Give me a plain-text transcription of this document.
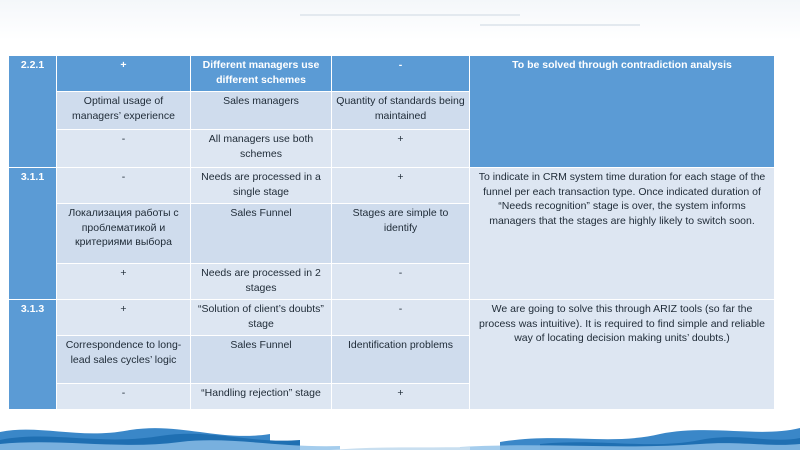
2.2.1	+	Different managers use different schemes	-	To be solved through contradiction analysis
	Optimal usage of managers’ experience	Sales managers	Quantity of standards being maintained	
	-	All managers use both schemes	+	
3.1.1	-	Needs are processed in a single stage	+	To indicate in CRM system time duration for each stage of the funnel per each transaction type. Once indicated duration of “Needs recognition” stage is over, the system informs managers that the stages are highly likely to switch soon.
	Локализация работы с проблематикой и критериями выбора	Sales Funnel	Stages are simple to identify	
	+	Needs are processed in 2 stages	-	
3.1.3	+	“Solution of client’s doubts” stage	-	We are going to solve this through ARIZ tools (so far the process was intuitive). It is required to find simple and reliable way of locating decision making units’ doubts.)
	Correspondence to long-lead sales cycles’ logic	Sales Funnel	Identification problems	
	-	“Handling rejection” stage	+	
